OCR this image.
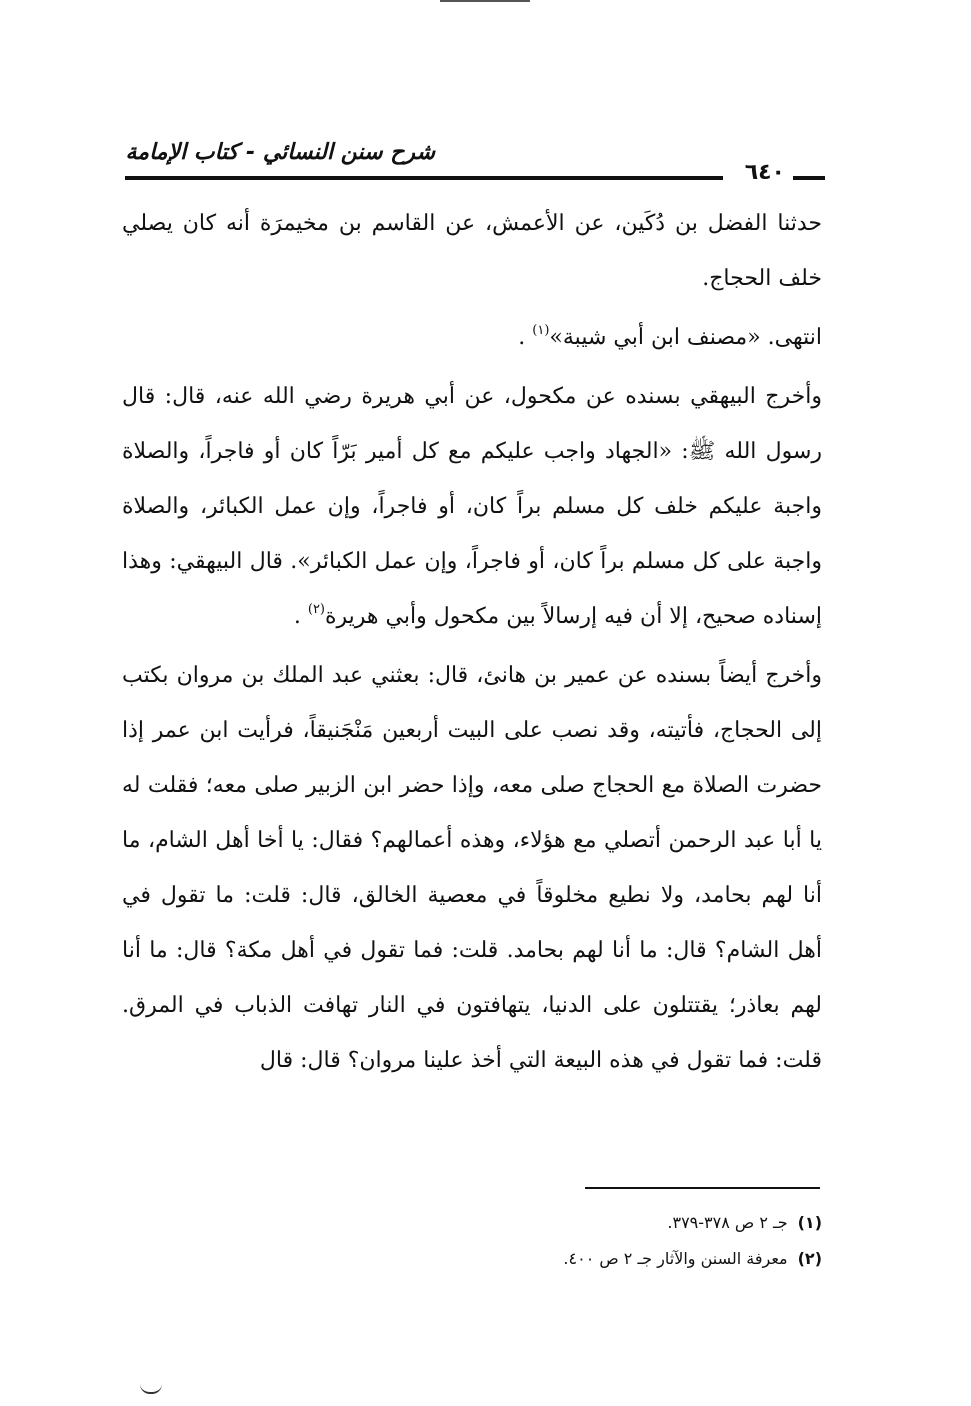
شرح سنن النسائي - كتاب الإمامة
٦٤٠

حدثنا الفضل بن دُكَين، عن الأعمش، عن القاسم بن مخيمرَة أنه كان يصلي خلف الحجاج.

انتهى. «مصنف ابن أبي شيبة»$^{(١)}$ .

وأخرج البيهقي بسنده عن مكحول، عن أبي هريرة رضي الله عنه، قال: قال رسول الله ﷺ: «الجهاد واجب عليكم مع كل أمير بَرّاً كان أو فاجراً، والصلاة واجبة عليكم خلف كل مسلم براً كان، أو فاجراً، وإن عمل الكبائر، والصلاة واجبة على كل مسلم براً كان، أو فاجراً، وإن عمل الكبائر». قال البيهقي: وهذا إسناده صحيح، إلا أن فيه إرسالاً بين مكحول وأبي هريرة$^{(٢)}$ .

وأخرج أيضاً بسنده عن عمير بن هانئ، قال: بعثني عبد الملك بن مروان بكتب إلى الحجاج، فأتيته، وقد نصب على البيت أربعين مَنْجَنيقاً، فرأيت ابن عمر إذا حضرت الصلاة مع الحجاج صلى معه، وإذا حضر ابن الزبير صلى معه؛ فقلت له يا أبا عبد الرحمن أتصلي مع هؤلاء، وهذه أعمالهم؟ فقال: يا أخا أهل الشام، ما أنا لهم بحامد، ولا نطيع مخلوقاً في معصية الخالق، قال: قلت: ما تقول في أهل الشام؟ قال: ما أنا لهم بحامد. قلت: فما تقول في أهل مكة؟ قال: ما أنا لهم بعاذر؛ يقتتلون على الدنيا، يتهافتون في النار تهافت الذباب في المرق. قلت: فما تقول في هذه البيعة التي أخذ علينا مروان؟ قال: قال

(١)جـ ٢ ص ٣٧٨-٣٧٩.
(٢)معرفة السنن والآثار جـ ٢ ص ٤٠٠.
